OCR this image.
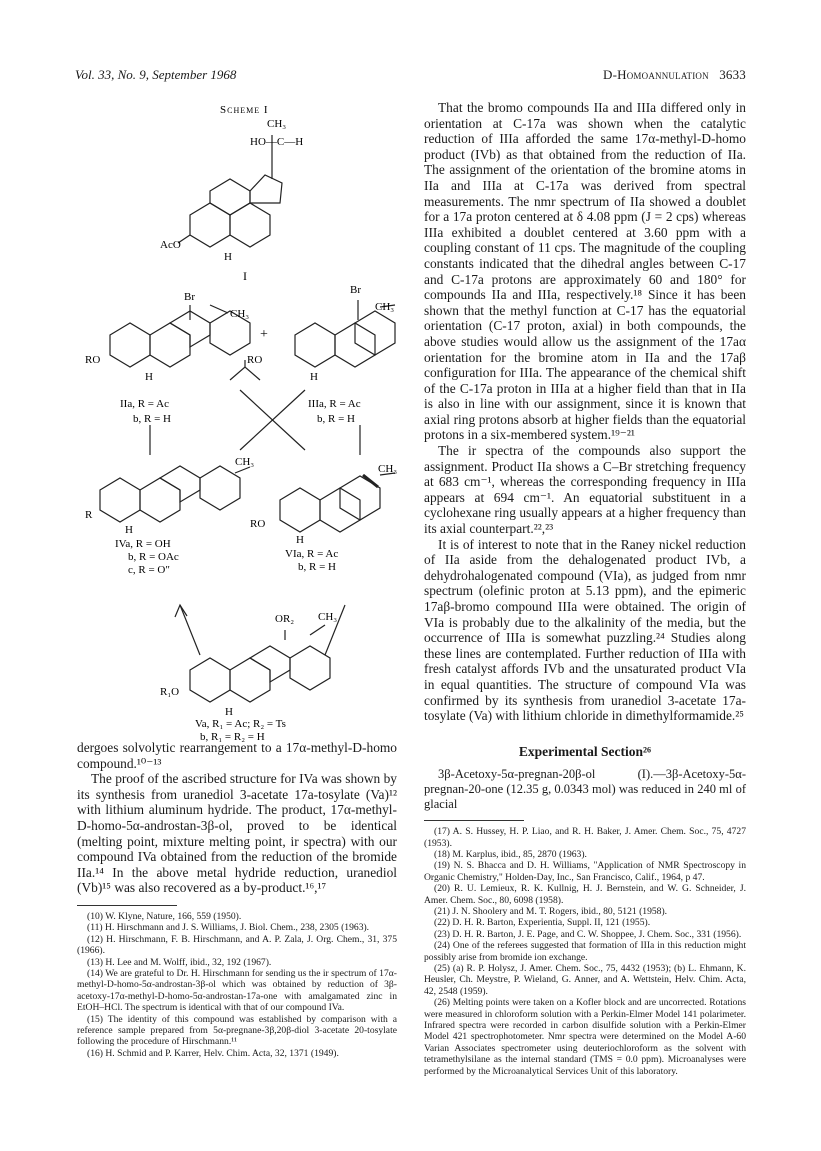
Vol. 33, No. 9, September 1968	D-Homoannulation 3633
Scheme I
CH₃
HO—C—H
AcO
H
I
Br
CH₃
RO
H
IIa, R = Ac
b, R = H
+
Br
CH₃
RO
H
IIIa, R = Ac
b, R = H
CH₃
R
H
IVa, R = OH
b, R = OAc
c, R = O″
CH₃
RO
H
VIa, R = Ac
b, R = H
OR₂ CH₃
R₁O
H
Va, R₁ = Ac; R₂ = Ts
b, R₁ = R₂ = H

That the bromo compounds IIa and IIIa differed only in orientation at C-17a was shown when the catalytic reduction of IIIa afforded the same 17α-methyl-D-homo product (IVb) as that obtained from the reduction of IIa. The assignment of the orientation of the bromine atoms in IIa and IIIa at C-17a was derived from spectral measurements. The nmr spectrum of IIa showed a doublet for a 17a proton centered at δ 4.08 ppm (J = 2 cps) whereas IIIa exhibited a doublet centered at 3.60 ppm with a coupling constant of 11 cps. The magnitude of the coupling constants indicated that the dihedral angles between C-17 and C-17a protons are approximately 60 and 180° for compounds IIa and IIIa, respectively.¹⁸ Since it has been shown that the methyl function at C-17 has the equatorial orientation (C-17 proton, axial) in both compounds, the above studies would allow us the assignment of the 17aα orientation for the bromine atom in IIa and the 17aβ configuration for IIIa. The appearance of the chemical shift of the C-17a proton in IIIa at a higher field than that in IIa is also in line with our assignment, since it is known that axial ring protons absorb at higher fields than the equatorial protons in a six-membered system.¹⁹⁻²¹

The ir spectra of the compounds also support the assignment. Product IIa shows a C–Br stretching frequency at 683 cm⁻¹, whereas the corresponding frequency in IIIa appears at 694 cm⁻¹. An equatorial substituent in a cyclohexane ring usually appears at a higher frequency than its axial counterpart.²²,²³

It is of interest to note that in the Raney nickel reduction of IIa aside from the dehalogenated product IVb, a dehydrohalogenated compound (VIa), as judged from nmr spectrum (olefinic proton at 5.13 ppm), and the epimeric 17aβ-bromo compound IIIa were obtained. The origin of VIa is probably due to the alkalinity of the media, but the occurrence of IIIa is somewhat puzzling.²⁴ Studies along these lines are contemplated. Further reduction of IIIa with fresh catalyst affords IVb and the unsaturated product VIa in equal quantities. The structure of compound VIa was confirmed by its synthesis from uranediol 3-acetate 17a-tosylate (Va) with lithium chloride in dimethylformamide.²⁵

Experimental Section²⁶

3β-Acetoxy-5α-pregnan-20β-ol (I).—3β-Acetoxy-5α-pregnan-20-one (12.35 g, 0.0343 mol) was reduced in 240 ml of glacial

(17) A. S. Hussey, H. P. Liao, and R. H. Baker, J. Amer. Chem. Soc., 75, 4727 (1953).
(18) M. Karplus, ibid., 85, 2870 (1963).
(19) N. S. Bhacca and D. H. Williams, "Application of NMR Spectroscopy in Organic Chemistry," Holden-Day, Inc., San Francisco, Calif., 1964, p 47.
(20) R. U. Lemieux, R. K. Kullnig, H. J. Bernstein, and W. G. Schneider, J. Amer. Chem. Soc., 80, 6098 (1958).
(21) J. N. Shoolery and M. T. Rogers, ibid., 80, 5121 (1958).
(22) D. H. R. Barton, Experientia, Suppl. II, 121 (1955).
(23) D. H. R. Barton, J. E. Page, and C. W. Shoppee, J. Chem. Soc., 331 (1956).
(24) One of the referees suggested that formation of IIIa in this reduction might possibly arise from bromide ion exchange.
(25) (a) R. P. Holysz, J. Amer. Chem. Soc., 75, 4432 (1953); (b) L. Ehmann, K. Heusler, Ch. Meystre, P. Wieland, G. Anner, and A. Wettstein, Helv. Chim. Acta, 42, 2548 (1959).
(26) Melting points were taken on a Kofler block and are uncorrected. Rotations were measured in chloroform solution with a Perkin-Elmer Model 141 polarimeter. Infrared spectra were recorded in carbon disulfide solution with a Perkin-Elmer Model 421 spectrophotometer. Nmr spectra were determined on the Model A-60 Varian Associates spectrometer using deuteriochloroform as the solvent with tetramethylsilane as the internal standard (TMS = 0.0 ppm). Microanalyses were performed by the Microanalytical Services Unit of this laboratory.

dergoes solvolytic rearrangement to a 17α-methyl-D-homo compound.¹⁰⁻¹³

The proof of the ascribed structure for IVa was shown by its synthesis from uranediol 3-acetate 17a-tosylate (Va)¹² with lithium aluminum hydride. The product, 17α-methyl-D-homo-5α-androstan-3β-ol, proved to be identical (melting point, mixture melting point, ir spectra) with our compound IVa obtained from the reduction of the bromide IIa.¹⁴ In the above metal hydride reduction, uranediol (Vb)¹⁵ was also recovered as a by-product.¹⁶,¹⁷

(10) W. Klyne, Nature, 166, 559 (1950).
(11) H. Hirschmann and J. S. Williams, J. Biol. Chem., 238, 2305 (1963).
(12) H. Hirschmann, F. B. Hirschmann, and A. P. Zala, J. Org. Chem., 31, 375 (1966).
(13) H. Lee and M. Wolff, ibid., 32, 192 (1967).
(14) We are grateful to Dr. H. Hirschmann for sending us the ir spectrum of 17α-methyl-D-homo-5α-androstan-3β-ol which was obtained by reduction of 3β-acetoxy-17α-methyl-D-homo-5α-androstan-17a-one with amalgamated zinc in EtOH–HCl. The spectrum is identical with that of our compound IVa.
(15) The identity of this compound was established by comparison with a reference sample prepared from 5α-pregnane-3β,20β-diol 3-acetate 20-tosylate following the procedure of Hirschmann.¹¹
(16) H. Schmid and P. Karrer, Helv. Chim. Acta, 32, 1371 (1949).
